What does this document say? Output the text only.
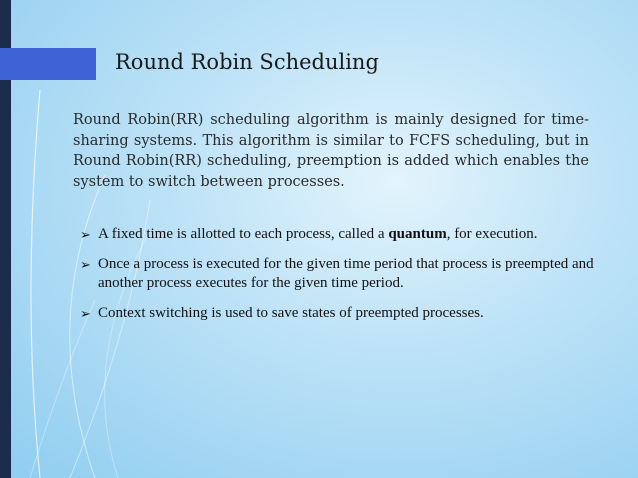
Round Robin Scheduling

Round Robin(RR) scheduling algorithm is mainly designed for time-sharing systems. This algorithm is similar to FCFS scheduling, but in Round Robin(RR) scheduling, preemption is added which enables the system to switch between processes.

➢ A fixed time is allotted to each process, called a quantum, for execution.
➢ Once a process is executed for the given time period that process is preempted and another process executes for the given time period.
➢ Context switching is used to save states of preempted processes.
